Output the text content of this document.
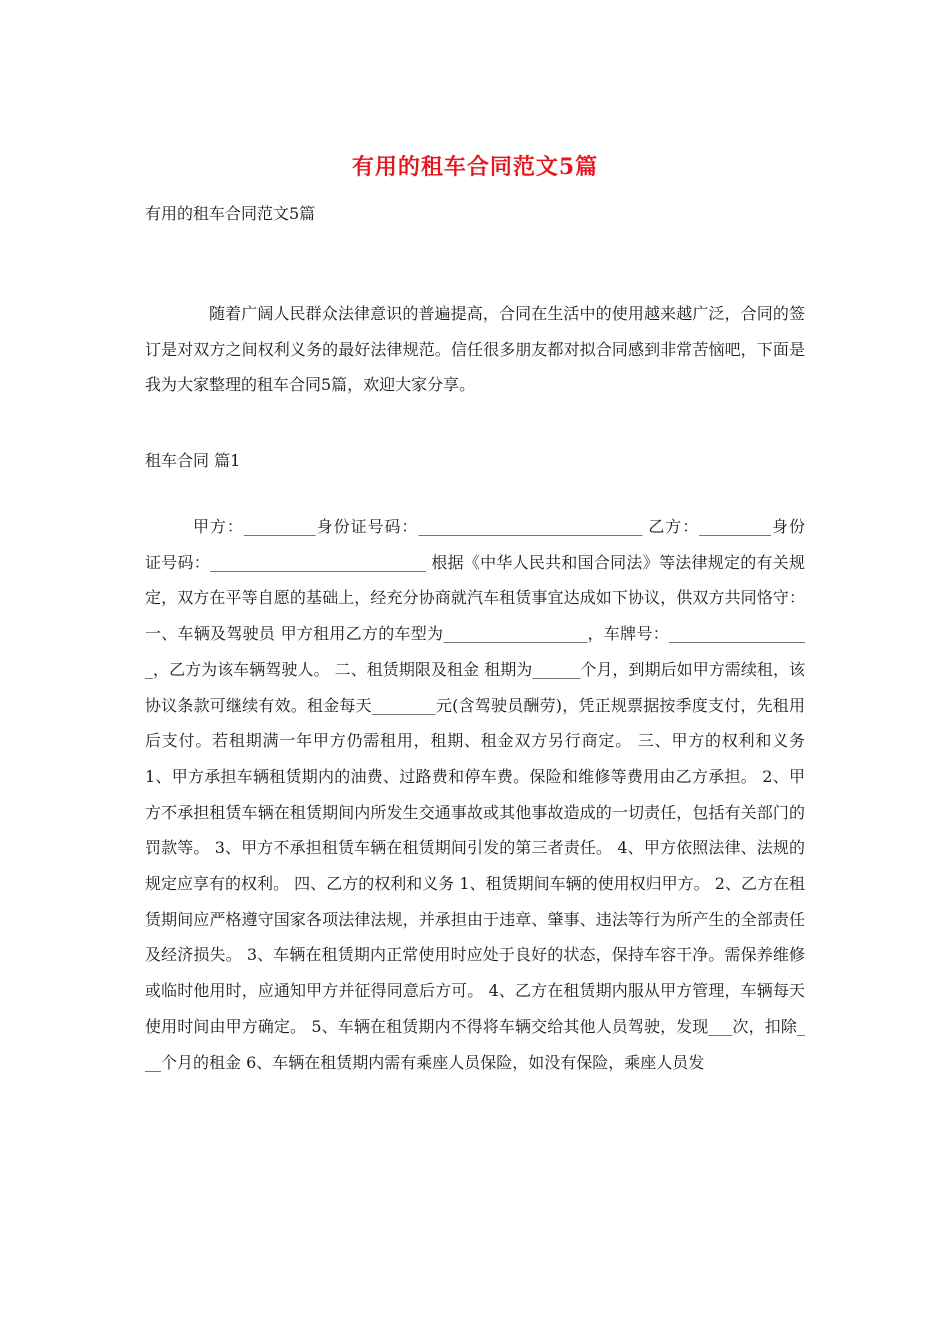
有用的租车合同范文5篇
有用的租车合同范文5篇

随着广阔人民群众法律意识的普遍提高，合同在生活中的使用越来越广泛，合同的签订是对双方之间权利义务的最好法律规范。信任很多朋友都对拟合同感到非常苦恼吧，下面是我为大家整理的租车合同5篇，欢迎大家分享。

租车合同 篇1

甲方：_________身份证号码：____________________________ 乙方：_________身份证号码：___________________________ 根据《中华人民共和国合同法》等法律规定的有关规定，双方在平等自愿的基础上，经充分协商就汽车租赁事宜达成如下协议，供双方共同恪守： 一、车辆及驾驶员 甲方租用乙方的车型为__________________，车牌号：__________________，乙方为该车辆驾驶人。 二、租赁期限及租金 租期为______个月，到期后如甲方需续租，该协议条款可继续有效。租金每天________元(含驾驶员酬劳)，凭正规票据按季度支付，先租用后支付。若租期满一年甲方仍需租用，租期、租金双方另行商定。 三、甲方的权利和义务 1、甲方承担车辆租赁期内的油费、过路费和停车费。保险和维修等费用由乙方承担。 2、甲方不承担租赁车辆在租赁期间内所发生交通事故或其他事故造成的一切责任，包括有关部门的罚款等。 3、甲方不承担租赁车辆在租赁期间引发的第三者责任。 4、甲方依照法律、法规的规定应享有的权利。 四、乙方的权利和义务 1、租赁期间车辆的使用权归甲方。 2、乙方在租赁期间应严格遵守国家各项法律法规，并承担由于违章、肇事、违法等行为所产生的全部责任及经济损失。 3、车辆在租赁期内正常使用时应处于良好的状态，保持车容干净。需保养维修或临时他用时，应通知甲方并征得同意后方可。 4、乙方在租赁期内服从甲方管理，车辆每天使用时间由甲方确定。 5、车辆在租赁期内不得将车辆交给其他人员驾驶，发现___次，扣除___个月的租金 6、车辆在租赁期内需有乘座人员保险，如没有保险，乘座人员发
